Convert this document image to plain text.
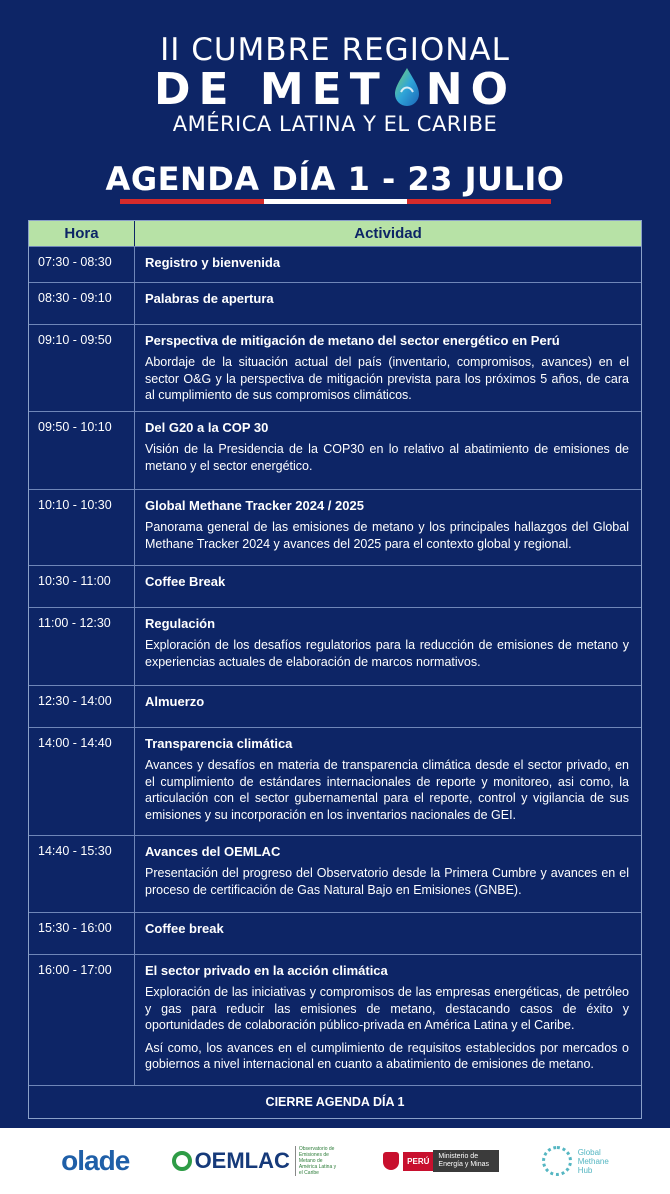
II CUMBRE REGIONAL
DE MET NO
AMÉRICA LATINA Y EL CARIBE
AGENDA DÍA 1 - 23 JULIO
Hora	Actividad
07:30 - 08:30	Registro y bienvenida
08:30 - 09:10	Palabras de apertura
09:10 - 09:50	Perspectiva de mitigación de metano del sector energético en Perú
Abordaje de la situación actual del país (inventario, compromisos, avances) en el sector O&G y la perspectiva de mitigación prevista para los próximos 5 años, de cara al cumplimiento de sus compromisos climáticos.
09:50 - 10:10	Del G20 a la COP 30
Visión de la Presidencia de la COP30 en lo relativo al abatimiento de emisiones de metano y el sector energético.
10:10 - 10:30	Global Methane Tracker 2024 / 2025
Panorama general de las emisiones de metano y los principales hallazgos del Global Methane Tracker 2024 y avances del 2025 para el contexto global y regional.
10:30 - 11:00	Coffee Break
11:00 - 12:30	Regulación
Exploración de los desafíos regulatorios para la reducción de emisiones de metano y experiencias actuales de elaboración de marcos normativos.
12:30 - 14:00	Almuerzo
14:00 - 14:40	Transparencia climática
Avances y desafíos en materia de transparencia climática desde el sector privado, en el cumplimiento de estándares internacionales de reporte y monitoreo, asi como, la articulación con el sector gubernamental para el reporte, control y vigilancia de sus emisiones y su incorporación en los inventarios nacionales de GEI.
14:40 - 15:30	Avances del OEMLAC
Presentación del progreso del Observatorio desde la Primera Cumbre y avances en el proceso de certificación de Gas Natural Bajo en Emisiones (GNBE).
15:30 - 16:00	Coffee break
16:00 - 17:00	El sector privado en la acción climática
Exploración de las iniciativas y compromisos de las empresas energéticas, de petróleo y gas para reducir las emisiones de metano, destacando casos de éxito y oportunidades de colaboración público-privada en América Latina y el Caribe.
Así como, los avances en el cumplimiento de requisitos establecidos por mercados o gobiernos a nivel internacional en cuanto a abatimiento de emisiones de metano.
CIERRE AGENDA DÍA 1
olade	OEMLAC	Observatorio de Emisiones de Metano de América Latina y el Caribe
PERÚ	Ministerio de Energía y Minas
Global
Methane
Hub
